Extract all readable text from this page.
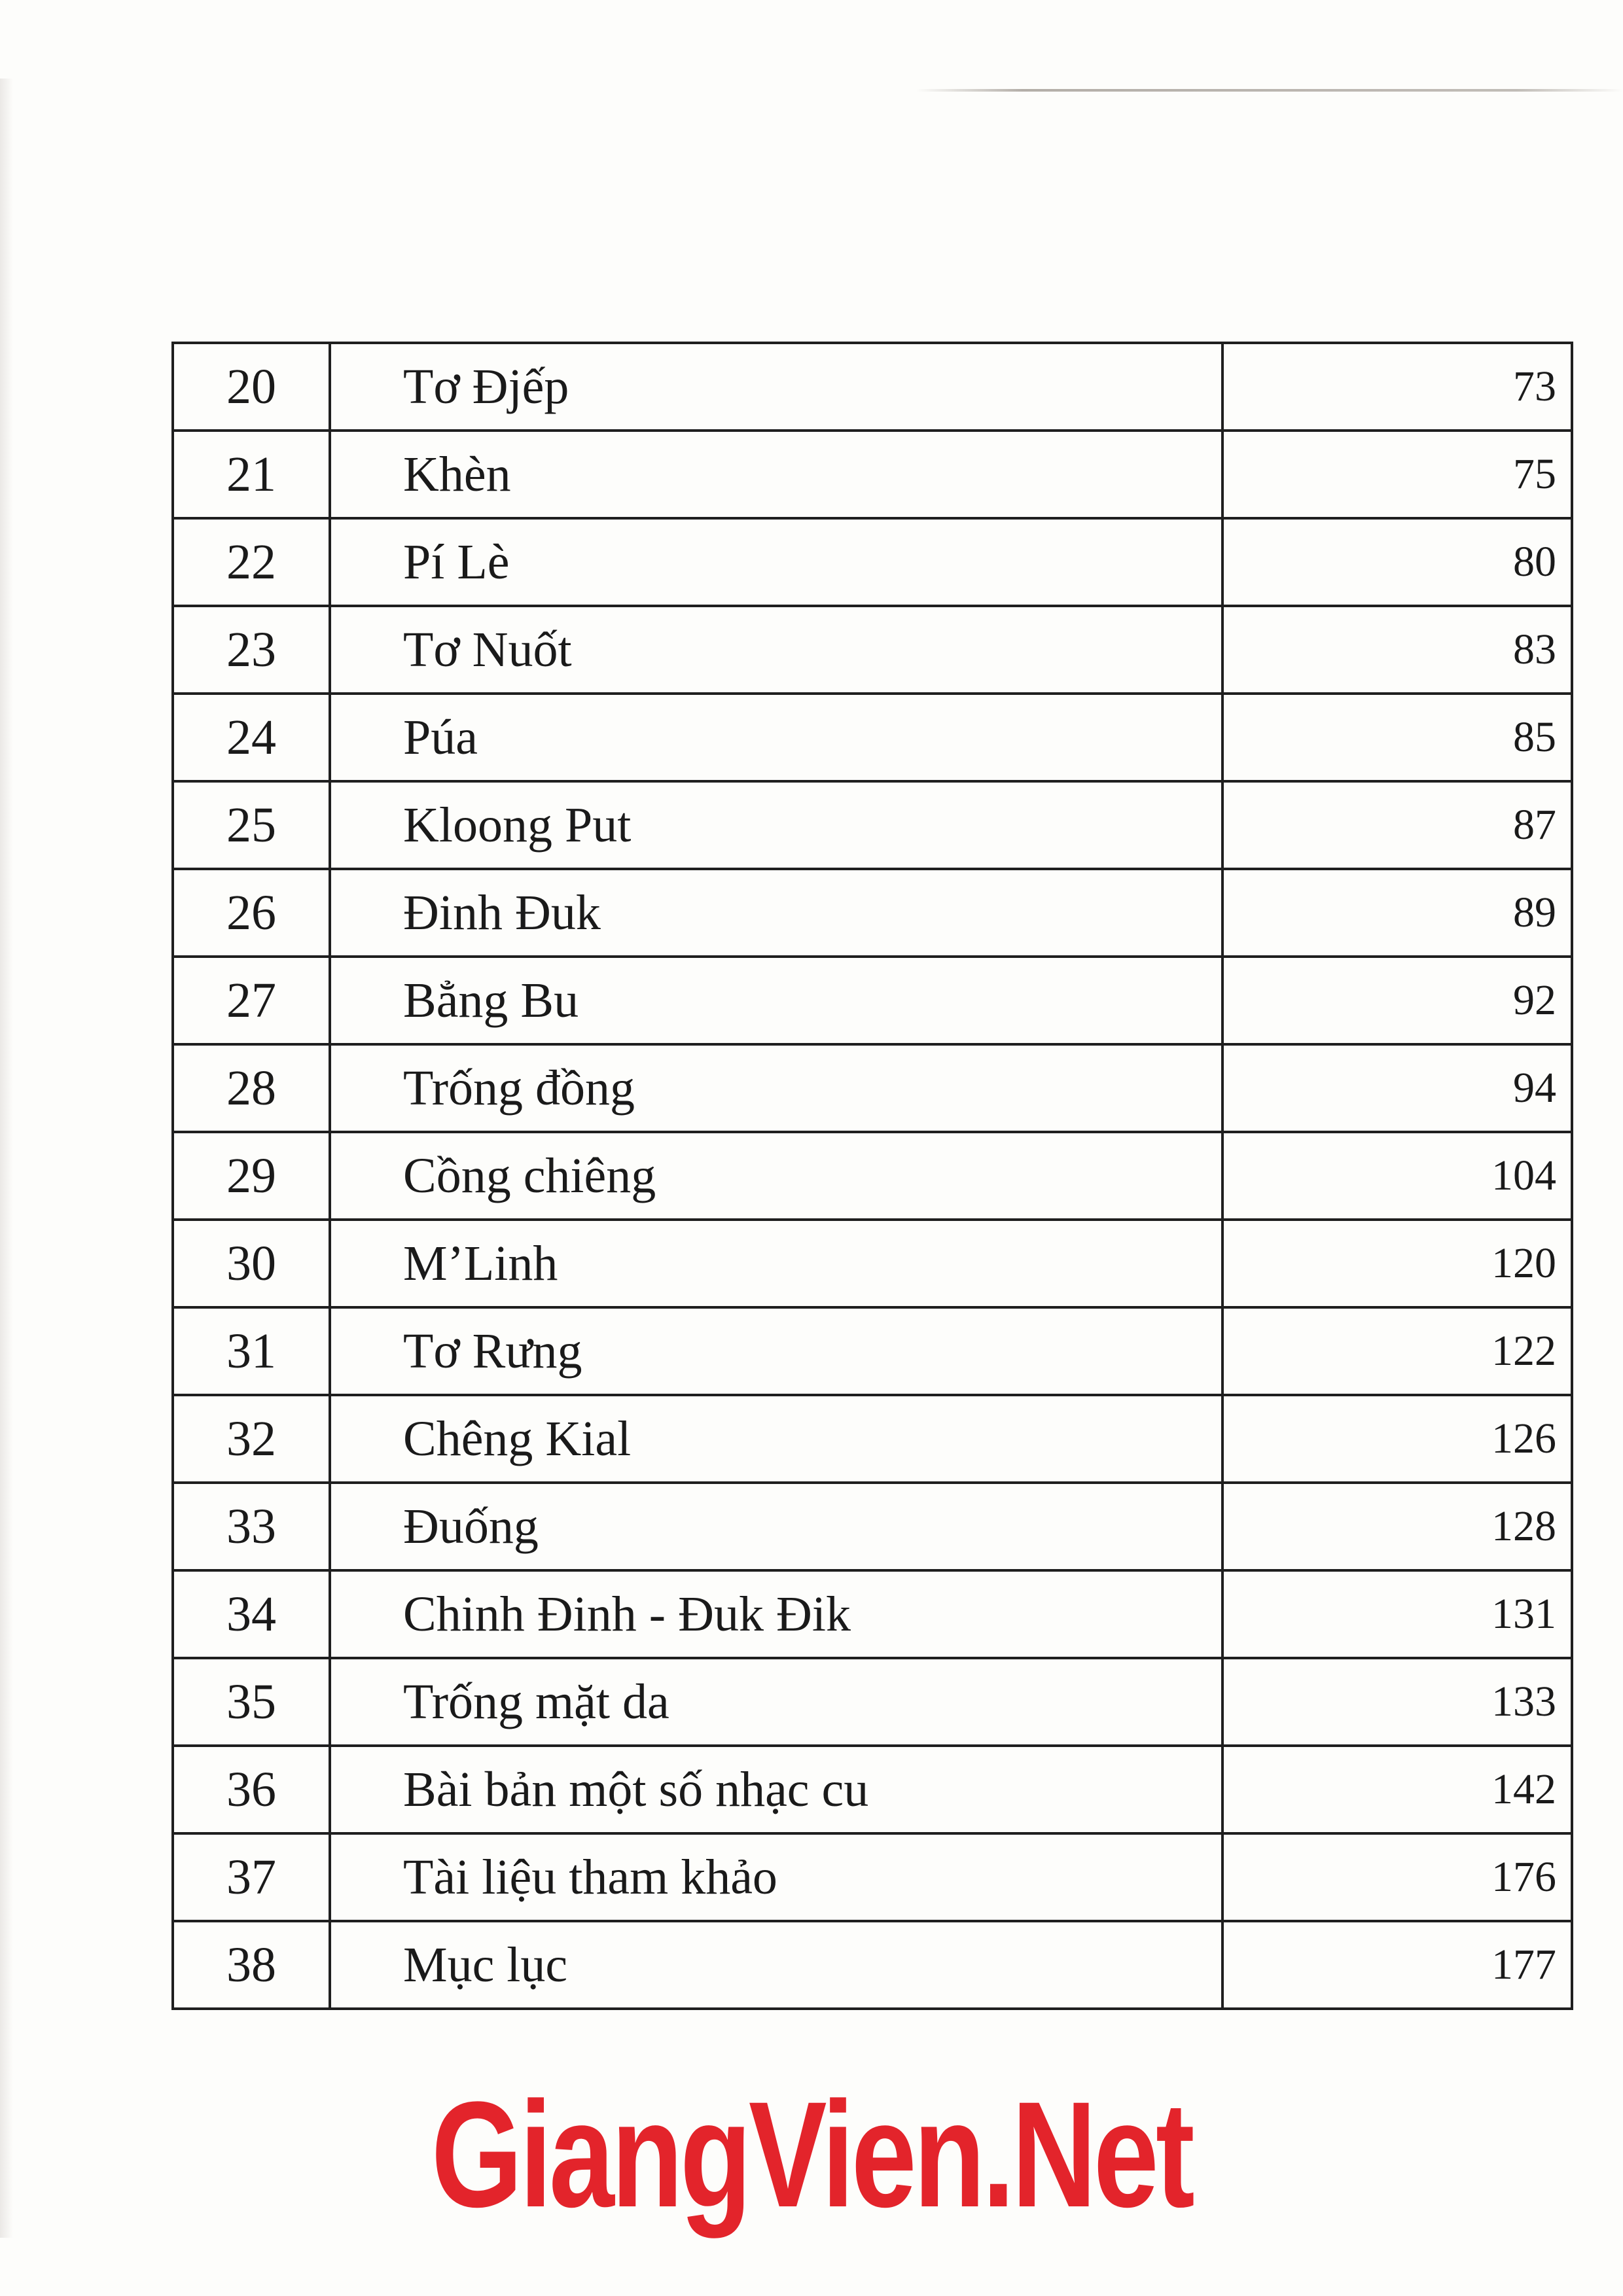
20	Tơ Đjếp	73
21	Khèn	75
22	Pí Lè	80
23	Tơ Nuốt	83
24	Púa	85
25	Kloong Put	87
26	Đinh Đuk	89
27	Bẳng Bu	92
28	Trống đồng	94
29	Cồng chiêng	104
30	M’Linh	120
31	Tơ Rưng	122
32	Chêng Kial	126
33	Đuống	128
34	Chinh Đinh - Đuk Đik	131
35	Trống mặt da	133
36	Bài bản một số nhạc cu	142
37	Tài liệu tham khảo	176
38	Mục lục	177
GiangVien.Net
